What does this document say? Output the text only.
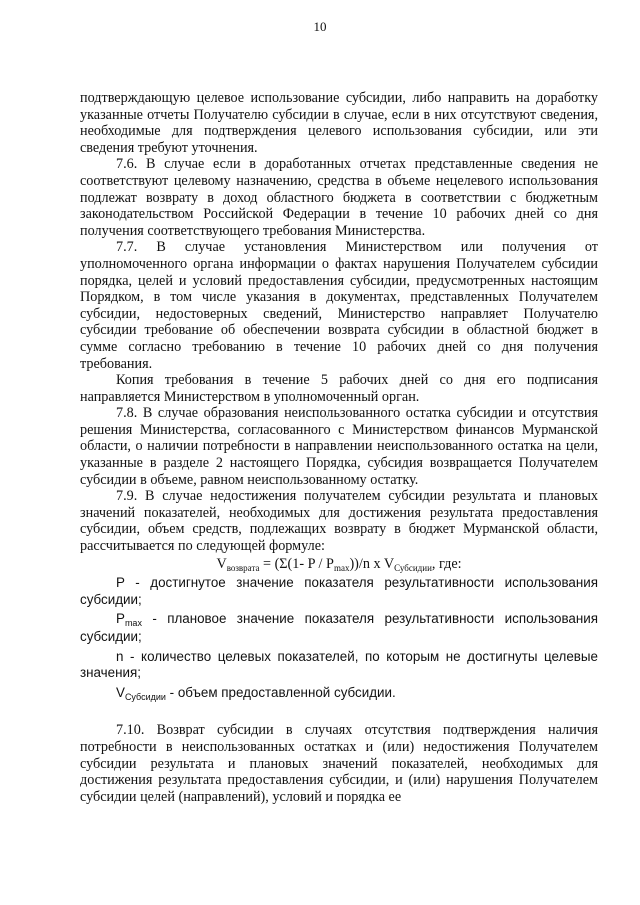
10

подтверждающую целевое использование субсидии, либо направить на доработку указанные отчеты Получателю субсидии в случае, если в них отсутствуют сведения, необходимые для подтверждения целевого использования субсидии, или эти сведения требуют уточнения.

7.6. В случае если в доработанных отчетах представленные сведения не соответствуют целевому назначению, средства в объеме нецелевого использования подлежат возврату в доход областного бюджета в соответствии с бюджетным законодательством Российской Федерации в течение 10 рабочих дней со дня получения соответствующего требования Министерства.

7.7. В случае установления Министерством или получения от уполномоченного органа информации о фактах нарушения Получателем субсидии порядка, целей и условий предоставления субсидии, предусмотренных настоящим Порядком, в том числе указания в документах, представленных Получателем субсидии, недостоверных сведений, Министерство направляет Получателю субсидии требование об обеспечении возврата субсидии в областной бюджет в сумме согласно требованию в течение 10 рабочих дней со дня получения требования.

Копия требования в течение 5 рабочих дней со дня его подписания направляется Министерством в уполномоченный орган.

7.8. В случае образования неиспользованного остатка субсидии и отсутствия решения Министерства, согласованного с Министерством финансов Мурманской области, о наличии потребности в направлении неиспользованного остатка на цели, указанные в разделе 2 настоящего Порядка, субсидия возвращается Получателем субсидии в объеме, равном неиспользованному остатку.

7.9. В случае недостижения получателем субсидии результата и плановых значений показателей, необходимых для достижения результата предоставления субсидии, объем средств, подлежащих возврату в бюджет Мурманской области, рассчитывается по следующей формуле:

$V_{возврата} = (\Sigma(1-$ P / $P_{max}))/n$ x $V_{Субсидии}$, где:

P - достигнутое значение показателя результативности использования субсидии;

$P_{max}$ - плановое значение показателя результативности использования субсидии;

n - количество целевых показателей, по которым не достигнуты целевые значения;

$V_{Субсидии}$ - объем предоставленной субсидии.

7.10. Возврат субсидии в случаях отсутствия подтверждения наличия потребности в неиспользованных остатках и (или) недостижения Получателем субсидии результата и плановых значений показателей, необходимых для достижения результата предоставления субсидии, и (или) нарушения Получателем субсидии целей (направлений), условий и порядка ее
